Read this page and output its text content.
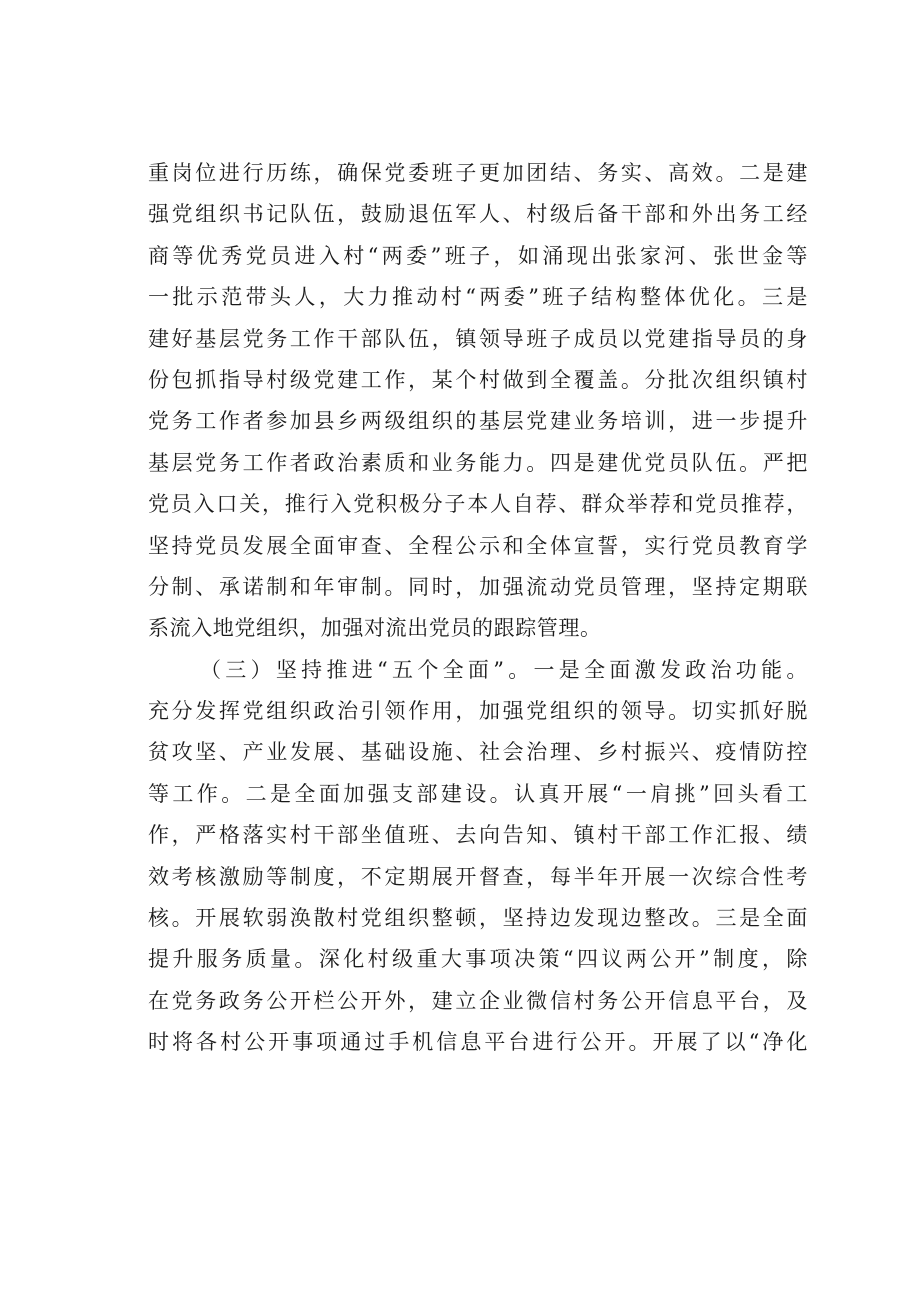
重岗位进行历练，确保党委班子更加团结、务实、高效。二是建
强党组织书记队伍，鼓励退伍军人、村级后备干部和外出务工经
商等优秀党员进入村“两委”班子，如涌现出张家河、张世金等
一批示范带头人，大力推动村“两委”班子结构整体优化。三是
建好基层党务工作干部队伍，镇领导班子成员以党建指导员的身
份包抓指导村级党建工作，某个村做到全覆盖。分批次组织镇村
党务工作者参加县乡两级组织的基层党建业务培训，进一步提升
基层党务工作者政治素质和业务能力。四是建优党员队伍。严把
党员入口关，推行入党积极分子本人自荐、群众举荐和党员推荐，
坚持党员发展全面审查、全程公示和全体宣誓，实行党员教育学
分制、承诺制和年审制。同时，加强流动党员管理，坚持定期联
系流入地党组织，加强对流出党员的跟踪管理。
（三）坚持推进“五个全面”。一是全面激发政治功能。
充分发挥党组织政治引领作用，加强党组织的领导。切实抓好脱
贫攻坚、产业发展、基础设施、社会治理、乡村振兴、疫情防控
等工作。二是全面加强支部建设。认真开展“一肩挑”回头看工
作，严格落实村干部坐值班、去向告知、镇村干部工作汇报、绩
效考核激励等制度，不定期展开督查，每半年开展一次综合性考
核。开展软弱涣散村党组织整顿，坚持边发现边整改。三是全面
提升服务质量。深化村级重大事项决策“四议两公开”制度，除
在党务政务公开栏公开外，建立企业微信村务公开信息平台，及
时将各村公开事项通过手机信息平台进行公开。开展了以“净化
